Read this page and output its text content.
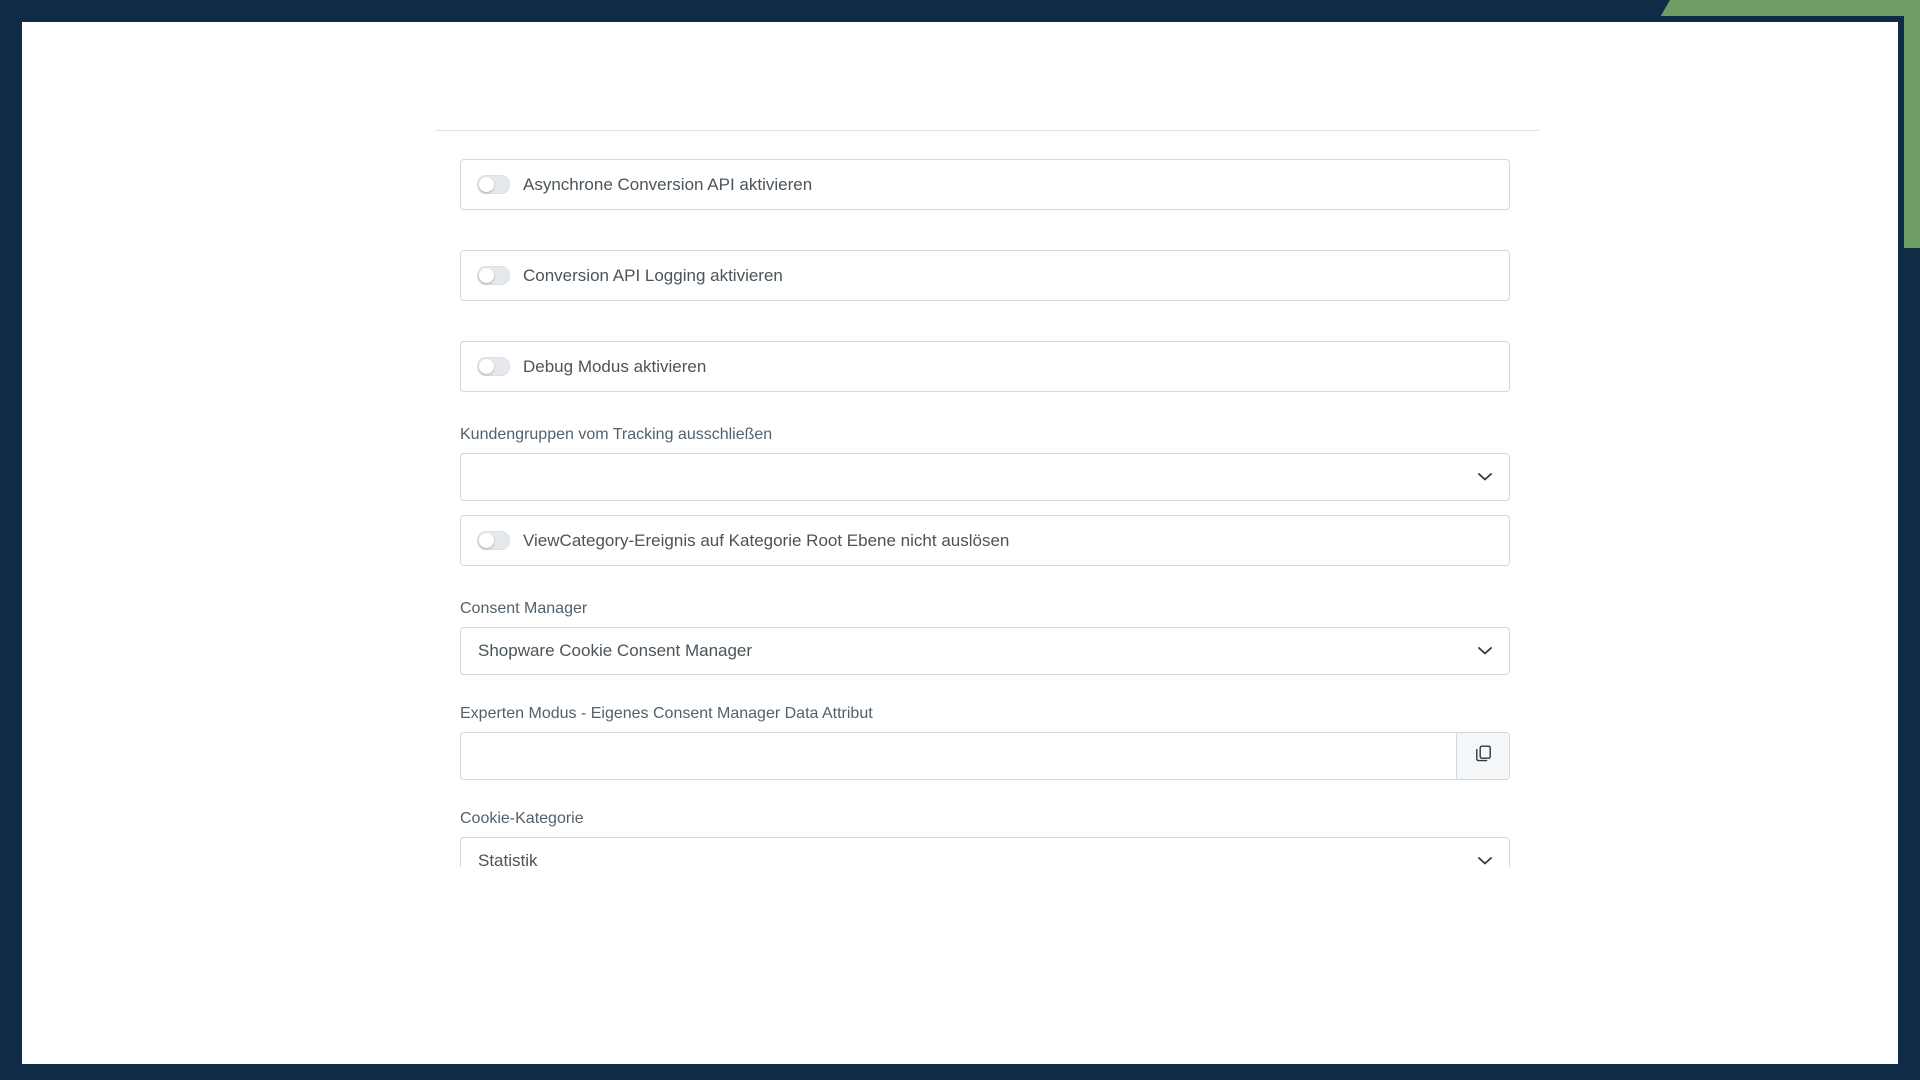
Asynchrone Conversion API aktivieren
Conversion API Logging aktivieren
Debug Modus aktivieren
Kundengruppen vom Tracking ausschließen
ViewCategory-Ereignis auf Kategorie Root Ebene nicht auslösen
Consent Manager
Shopware Cookie Consent Manager
Experten Modus - Eigenes Consent Manager Data Attribut
Cookie-Kategorie
Statistik
